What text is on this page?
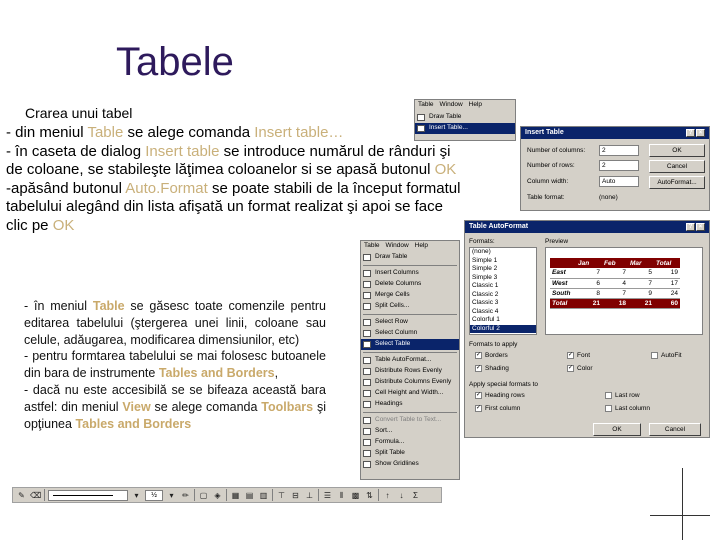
Tabele
Crarea unui tabel
- din meniul Table se alege comanda Insert table…
- în caseta de dialog Insert table se introduce numărul de rânduri şi de coloane, se stabileşte lăţimea coloanelor si se apasă butonul OK
-apăsând butonul Auto.Format se poate stabili de la început formatul tabelului alegând din lista afişată un format realizat şi apoi se face clic pe OK
- în meniul Table se găsesc toate comenzile pentru editarea tabelului (ştergerea unei linii, coloane sau celule, adăugarea, modificarea dimensiunilor, etc)
- pentru formtarea tabelului se mai folosesc butoanele din bara de instrumente Tables and Borders,
- dacă nu este accesibilă se se bifeaza această bara astfel: din meniul View se alege comanda Toolbars şi opţiunea Tables and Borders
Table Window Help
Draw Table
Insert Table...
Insert Table	? ×
Number of columns:	2
Number of rows:	2
Column width:	Auto
Table format:	(none)
OK
Cancel
AutoFormat...
Table Window Help
Draw Table
Insert Columns
Delete Columns
Merge Cells
Split Cells...
Select Row
Select Column
Select Table
Table AutoFormat...
Distribute Rows Evenly
Distribute Columns Evenly
Cell Height and Width...
Headings
Convert Table to Text...
Sort...
Formula...
Split Table
Show Gridlines
Table AutoFormat	? ×
Formats:
(none)
Simple 1
Simple 2
Simple 3
Classic 1
Classic 2
Classic 3
Classic 4
Colorful 1
Colorful 2
Preview
	Jan	Feb	Mar	Total
East	7	7	5	19
West	6	4	7	17
South	8	7	9	24
Total	21	18	21	60
Formats to apply
✓ Borders	✓ Font	AutoFit
✓ Shading	✓ Color
Apply special formats to
✓ Heading rows	Last row
✓ First column	Last column
OK	Cancel
✎ ⌫	▾	½	▾	✏ ▢ ◈	▦ ▤ ▥ ⊤ ⊟ ⊥ ☰	⫴	▩ ⇅	↑	↓	Σ
